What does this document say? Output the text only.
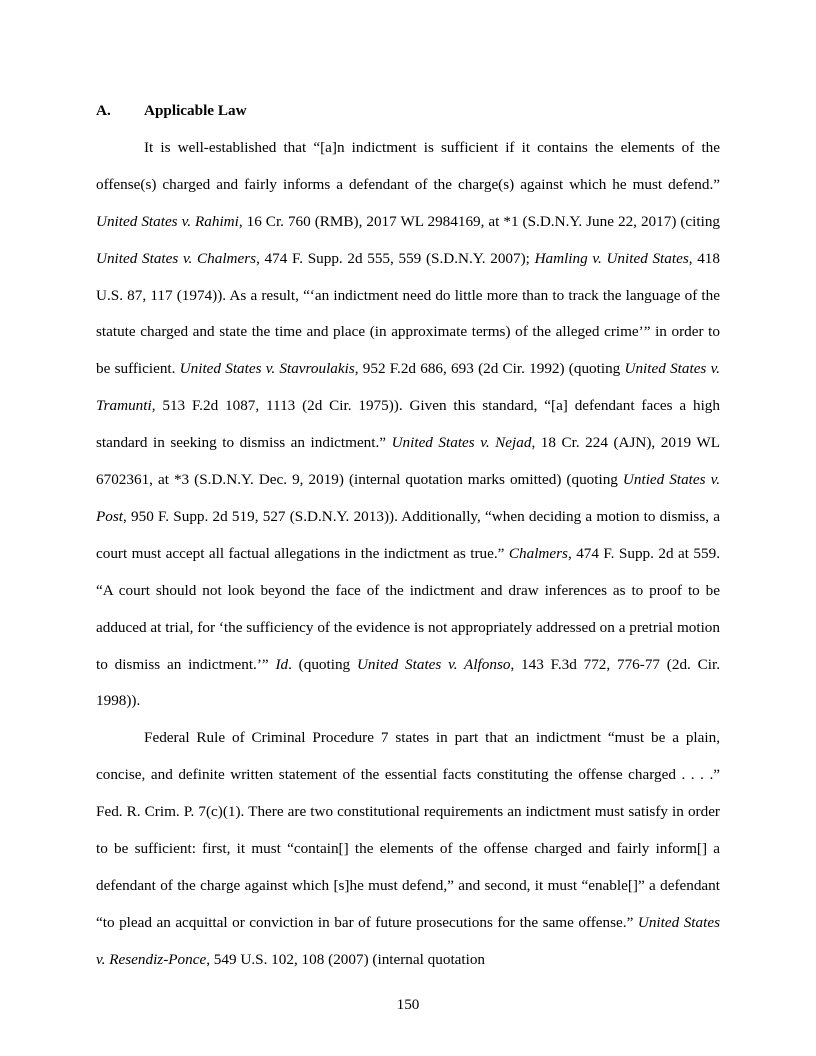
A. Applicable Law

It is well-established that “[a]n indictment is sufficient if it contains the elements of the offense(s) charged and fairly informs a defendant of the charge(s) against which he must defend.” United States v. Rahimi, 16 Cr. 760 (RMB), 2017 WL 2984169, at *1 (S.D.N.Y. June 22, 2017) (citing United States v. Chalmers, 474 F. Supp. 2d 555, 559 (S.D.N.Y. 2007); Hamling v. United States, 418 U.S. 87, 117 (1974)). As a result, “‘an indictment need do little more than to track the language of the statute charged and state the time and place (in approximate terms) of the alleged crime’” in order to be sufficient. United States v. Stavroulakis, 952 F.2d 686, 693 (2d Cir. 1992) (quoting United States v. Tramunti, 513 F.2d 1087, 1113 (2d Cir. 1975)). Given this standard, “[a] defendant faces a high standard in seeking to dismiss an indictment.” United States v. Nejad, 18 Cr. 224 (AJN), 2019 WL 6702361, at *3 (S.D.N.Y. Dec. 9, 2019) (internal quotation marks omitted) (quoting Untied States v. Post, 950 F. Supp. 2d 519, 527 (S.D.N.Y. 2013)). Additionally, “when deciding a motion to dismiss, a court must accept all factual allegations in the indictment as true.” Chalmers, 474 F. Supp. 2d at 559. “A court should not look beyond the face of the indictment and draw inferences as to proof to be adduced at trial, for ‘the sufficiency of the evidence is not appropriately addressed on a pretrial motion to dismiss an indictment.’” Id. (quoting United States v. Alfonso, 143 F.3d 772, 776-77 (2d. Cir. 1998)).

Federal Rule of Criminal Procedure 7 states in part that an indictment “must be a plain, concise, and definite written statement of the essential facts constituting the offense charged . . . .” Fed. R. Crim. P. 7(c)(1). There are two constitutional requirements an indictment must satisfy in order to be sufficient: first, it must “contain[] the elements of the offense charged and fairly inform[] a defendant of the charge against which [s]he must defend,” and second, it must “enable[]” a defendant “to plead an acquittal or conviction in bar of future prosecutions for the same offense.” United States v. Resendiz-Ponce, 549 U.S. 102, 108 (2007) (internal quotation

150
